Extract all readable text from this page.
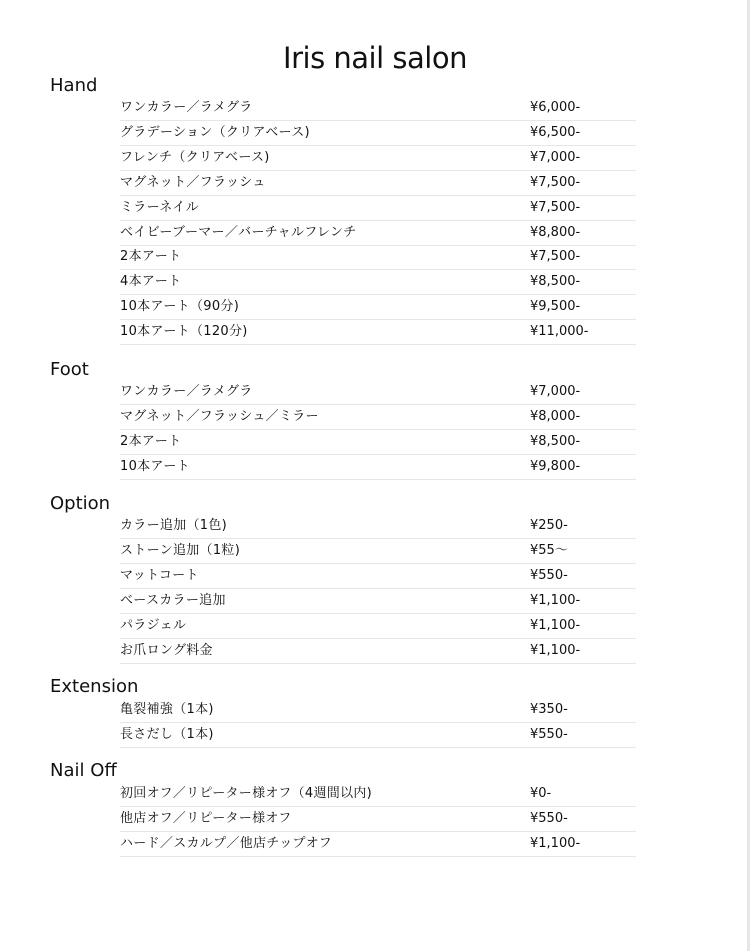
Iris nail salon
Hand
ワンカラー／ラメグラ	¥6,000-
グラデーション（クリアベース)	¥6,500-
フレンチ（クリアベース)	¥7,000-
マグネット／フラッシュ	¥7,500-
ミラーネイル	¥7,500-
ベイビーブーマー／バーチャルフレンチ	¥8,800-
2本アート	¥7,500-
4本アート	¥8,500-
10本アート（90分)	¥9,500-
10本アート（120分)	¥11,000-
Foot
ワンカラー／ラメグラ	¥7,000-
マグネット／フラッシュ／ミラー	¥8,000-
2本アート	¥8,500-
10本アート	¥9,800-
Option
カラー追加（1色)	¥250-
ストーン追加（1粒)	¥55〜
マットコート	¥550-
ベースカラー追加	¥1,100-
パラジェル	¥1,100-
お爪ロング料金	¥1,100-
Extension
亀裂補強（1本)	¥350-
長さだし（1本)	¥550-
Nail Off
初回オフ／リピーター様オフ（4週間以内)	¥0-
他店オフ／リピーター様オフ	¥550-
ハード／スカルプ／他店チップオフ	¥1,100-
